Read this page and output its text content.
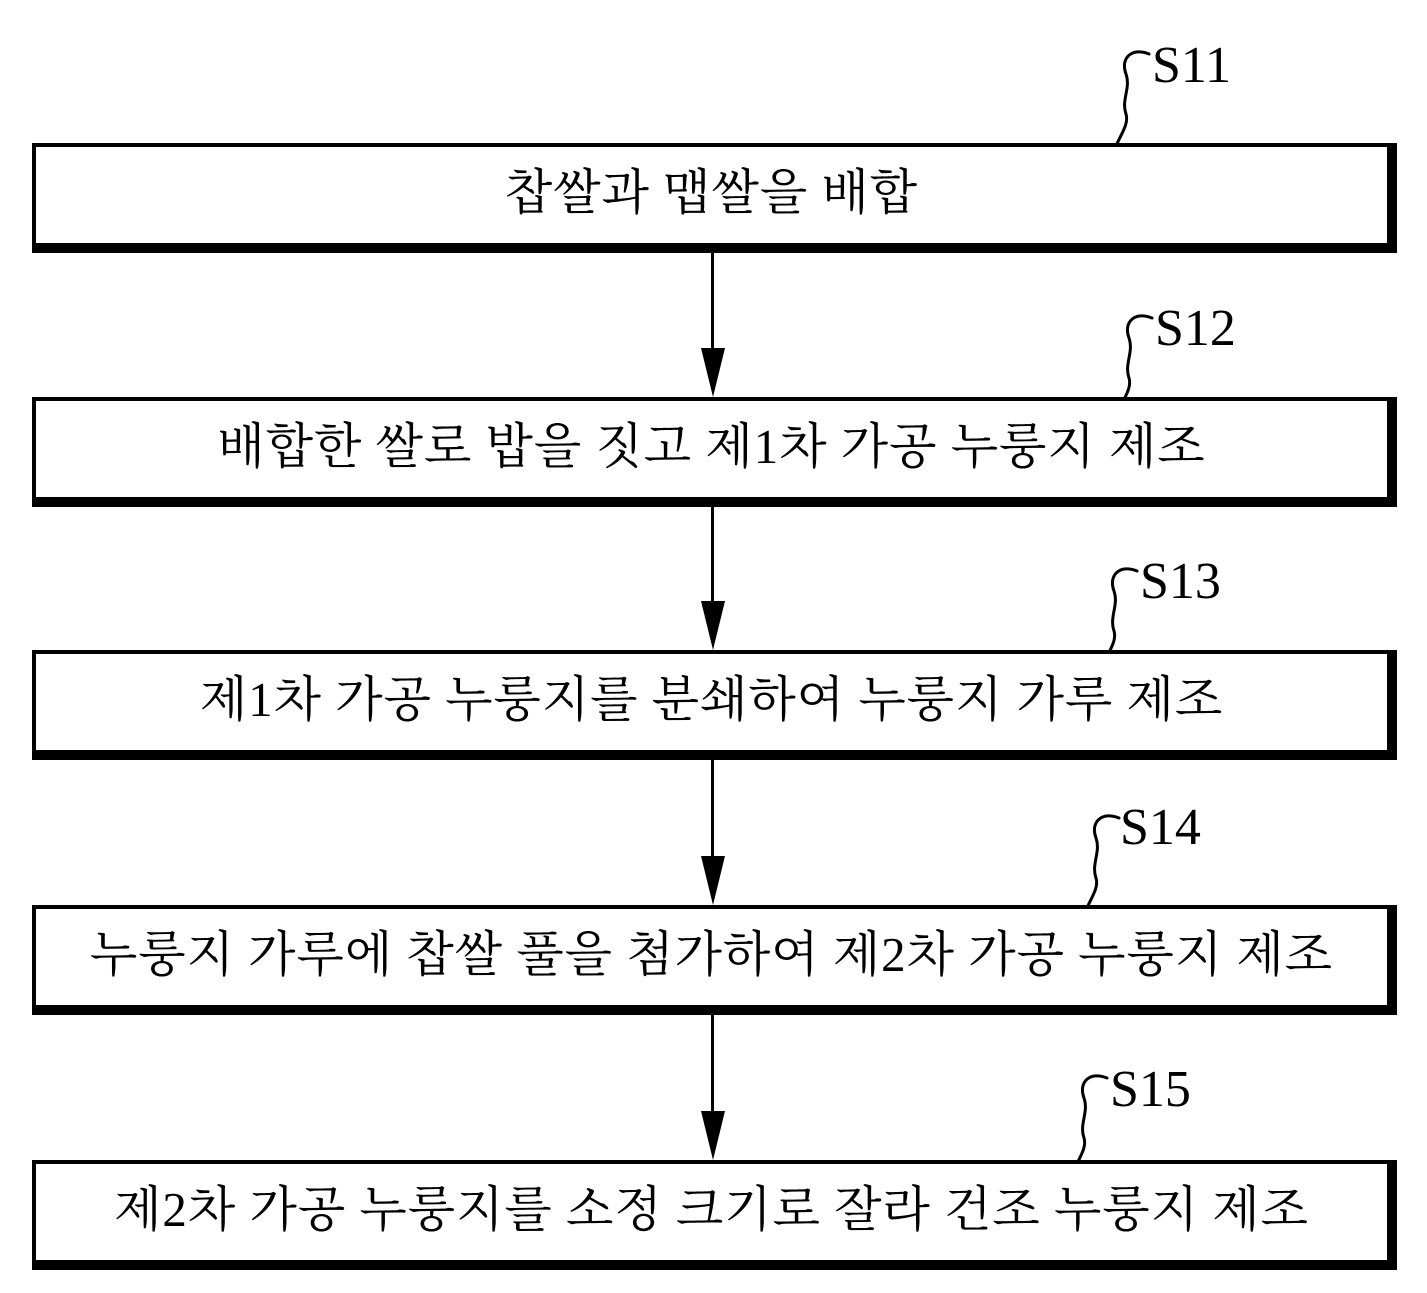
S11
S12
S13
S14
S15
찹쌀과 맵쌀을 배합
배합한 쌀로 밥을 짓고 제1차 가공 누룽지 제조
제1차 가공 누룽지를 분쇄하여 누룽지 가루 제조
누룽지 가루에 찹쌀 풀을 첨가하여 제2차 가공 누룽지 제조
제2차 가공 누룽지를 소정 크기로 잘라 건조 누룽지 제조
